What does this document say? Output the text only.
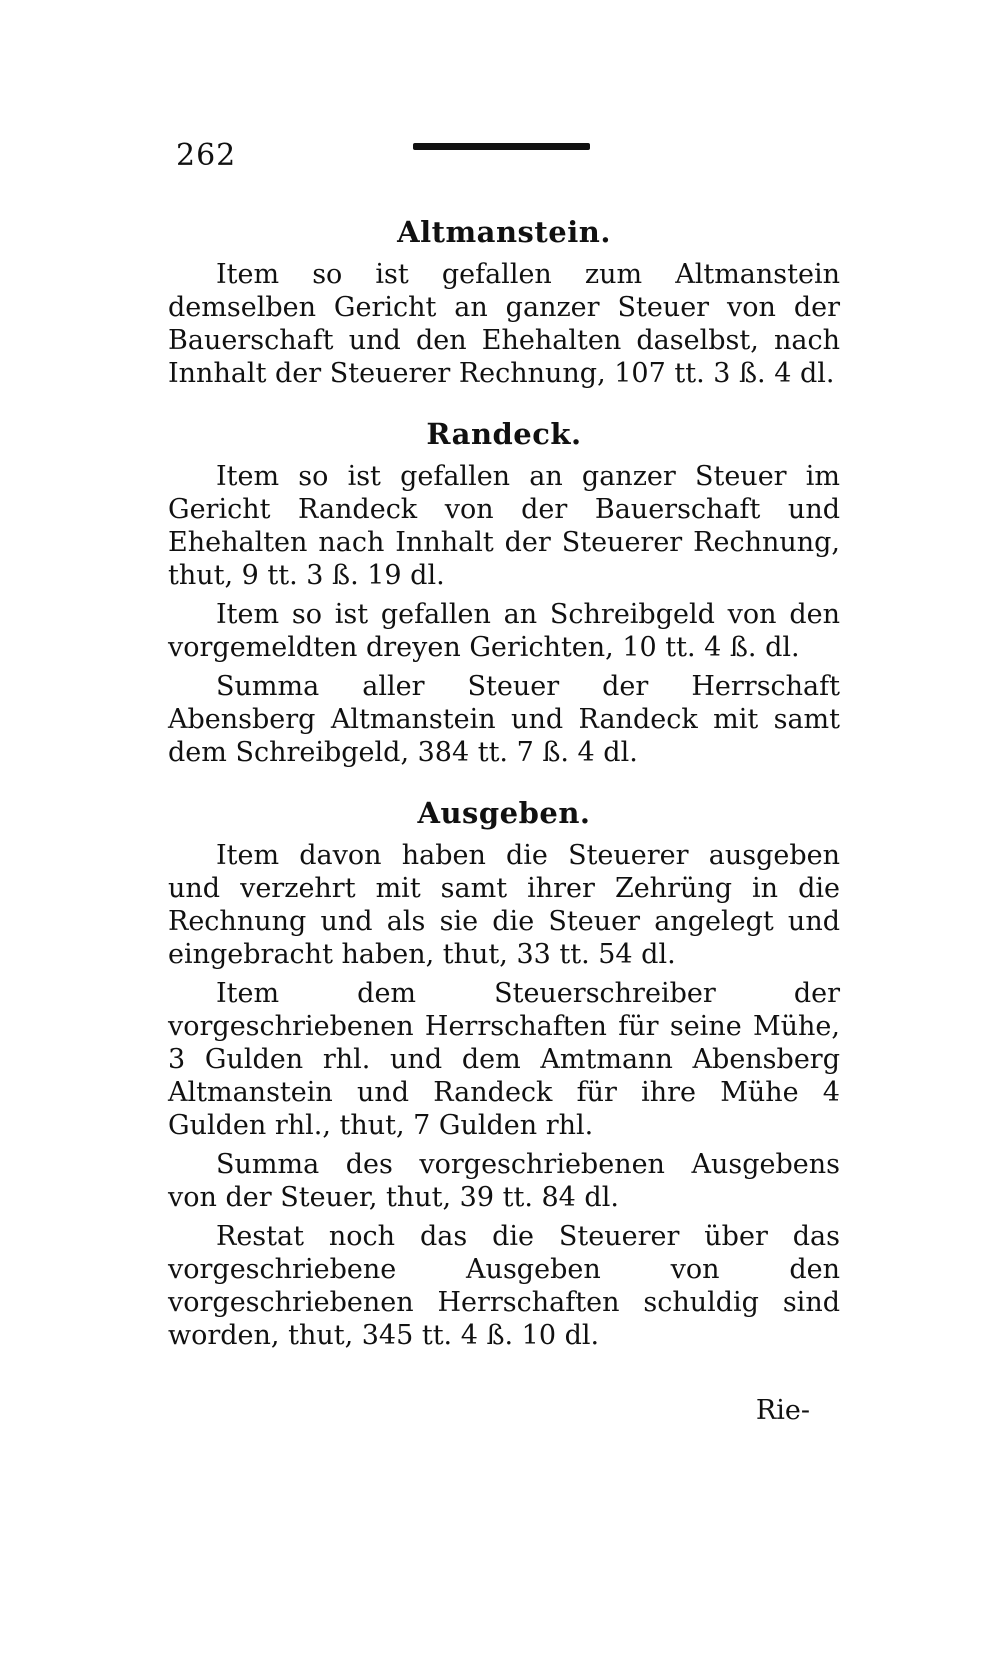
262
Altmanstein.

Item so ist gefallen zum Altmanstein demselben Gericht an ganzer Steuer von der Bauerschaft und den Ehehalten daselbst, nach Innhalt der Steuerer Rechnung, 107 tt. 3 ß. 4 dl.

Randeck.

Item so ist gefallen an ganzer Steuer im Gericht Randeck von der Bauerschaft und Ehehalten nach Innhalt der Steuerer Rechnung, thut, 9 tt. 3 ß. 19 dl.

Item so ist gefallen an Schreibgeld von den vorgemeldten dreyen Gerichten, 10 tt. 4 ß. dl.

Summa aller Steuer der Herrschaft Abensberg Altmanstein und Randeck mit samt dem Schreibgeld, 384 tt. 7 ß. 4 dl.

Ausgeben.

Item davon haben die Steuerer ausgeben und verzehrt mit samt ihrer Zehrüng in die Rechnung und als sie die Steuer angelegt und eingebracht haben, thut, 33 tt. 54 dl.

Item dem Steuerschreiber der vorgeschriebenen Herrschaften für seine Mühe, 3 Gulden rhl. und dem Amtmann Abensberg Altmanstein und Randeck für ihre Mühe 4 Gulden rhl., thut, 7 Gulden rhl.

Summa des vorgeschriebenen Ausgebens von der Steuer, thut, 39 tt. 84 dl.

Restat noch das die Steuerer über das vorgeschriebene Ausgeben von den vorgeschriebenen Herrschaften schuldig sind worden, thut, 345 tt. 4 ß. 10 dl.

Rie-
